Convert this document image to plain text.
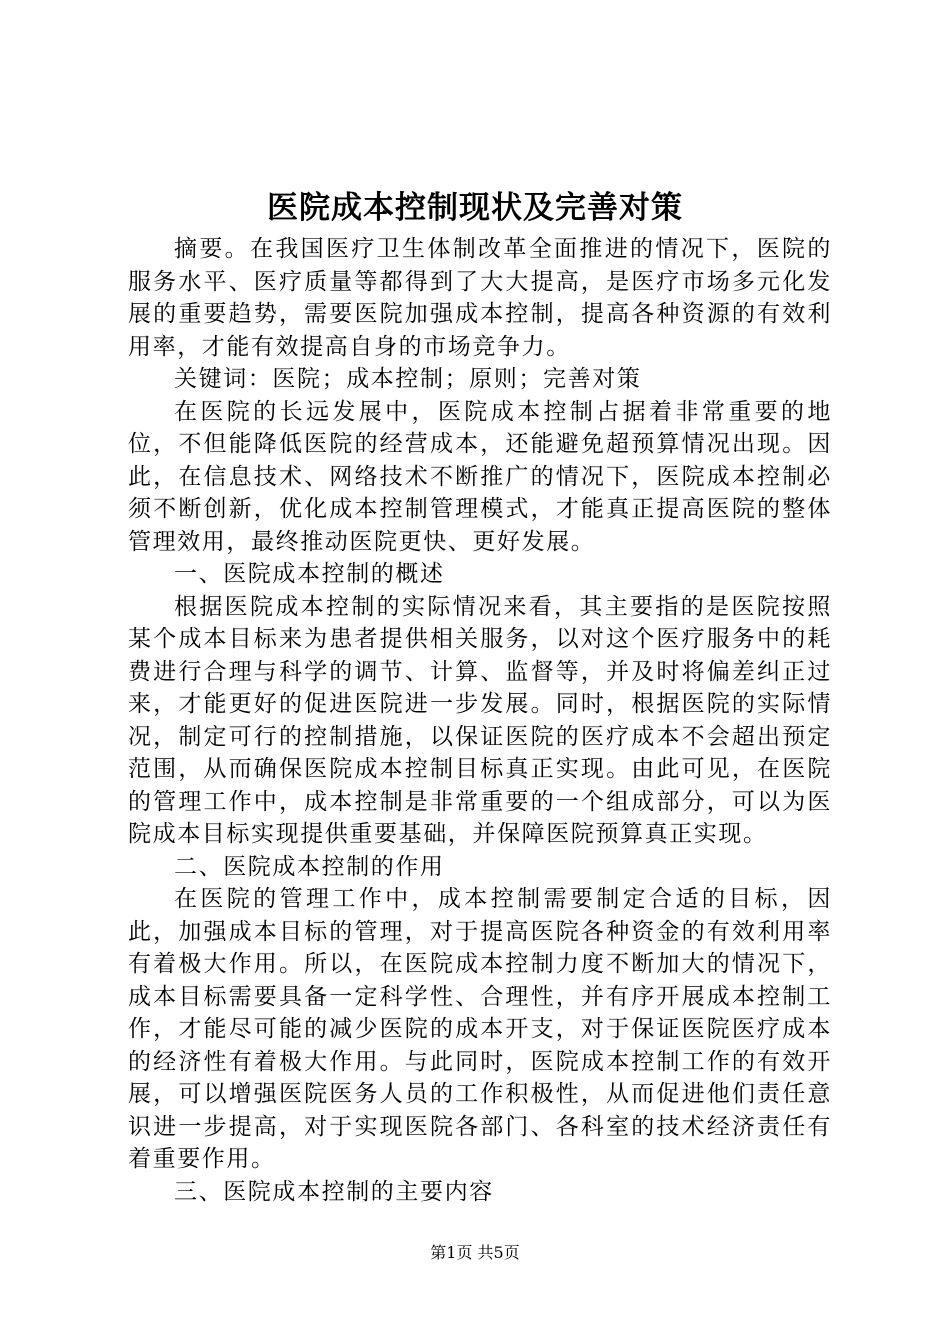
医院成本控制现状及完善对策

摘要。在我国医疗卫生体制改革全面推进的情况下，医院的服务水平、医疗质量等都得到了大大提高，是医疗市场多元化发展的重要趋势，需要医院加强成本控制，提高各种资源的有效利用率，才能有效提高自身的市场竞争力。

关键词：医院；成本控制；原则；完善对策

在医院的长远发展中，医院成本控制占据着非常重要的地位，不但能降低医院的经营成本，还能避免超预算情况出现。因此，在信息技术、网络技术不断推广的情况下，医院成本控制必须不断创新，优化成本控制管理模式，才能真正提高医院的整体管理效用，最终推动医院更快、更好发展。

一、医院成本控制的概述

根据医院成本控制的实际情况来看，其主要指的是医院按照某个成本目标来为患者提供相关服务，以对这个医疗服务中的耗费进行合理与科学的调节、计算、监督等，并及时将偏差纠正过来，才能更好的促进医院进一步发展。同时，根据医院的实际情况，制定可行的控制措施，以保证医院的医疗成本不会超出预定范围，从而确保医院成本控制目标真正实现。由此可见，在医院的管理工作中，成本控制是非常重要的一个组成部分，可以为医院成本目标实现提供重要基础，并保障医院预算真正实现。

二、医院成本控制的作用

在医院的管理工作中，成本控制需要制定合适的目标，因此，加强成本目标的管理，对于提高医院各种资金的有效利用率有着极大作用。所以，在医院成本控制力度不断加大的情况下，成本目标需要具备一定科学性、合理性，并有序开展成本控制工作，才能尽可能的减少医院的成本开支，对于保证医院医疗成本的经济性有着极大作用。与此同时，医院成本控制工作的有效开展，可以增强医院医务人员的工作积极性，从而促进他们责任意识进一步提高，对于实现医院各部门、各科室的技术经济责任有着重要作用。

三、医院成本控制的主要内容

第1页 共5页
